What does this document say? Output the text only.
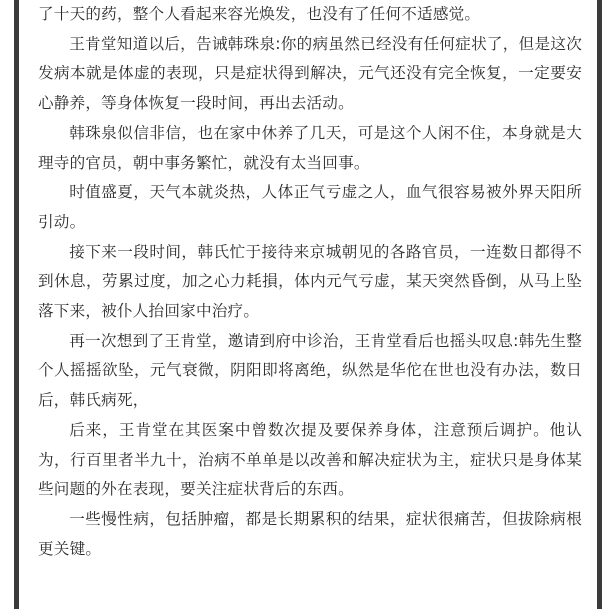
了十天的药，整个人看起来容光焕发，也没有了任何不适感觉。

王肯堂知道以后，告诫韩珠泉:你的病虽然已经没有任何症状了，但是这次发病本就是体虚的表现，只是症状得到解决，元气还没有完全恢复，一定要安心静养，等身体恢复一段时间，再出去活动。

韩珠泉似信非信，也在家中休养了几天，可是这个人闲不住，本身就是大理寺的官员，朝中事务繁忙，就没有太当回事。

时值盛夏，天气本就炎热，人体正气亏虚之人，血气很容易被外界天阳所引动。

接下来一段时间，韩氏忙于接待来京城朝见的各路官员，一连数日都得不到休息，劳累过度，加之心力耗損，体内元气亏虚，某天突然昏倒，从马上坠落下来，被仆人抬回家中治疗。

再一次想到了王肯堂，邀请到府中诊治，王肯堂看后也摇头叹息:韩先生整个人摇摇欲坠，元气衰微，阴阳即将离绝，纵然是华佗在世也没有办法，数日后，韩氏病死，

后来，王肯堂在其医案中曾数次提及要保养身体，注意预后调护。他认为，行百里者半九十，治病不单单是以改善和解决症状为主，症状只是身体某些问题的外在表现，要关注症状背后的东西。

一些慢性病，包括肿瘤，都是长期累积的结果，症状很痛苦，但拔除病根更关键。
